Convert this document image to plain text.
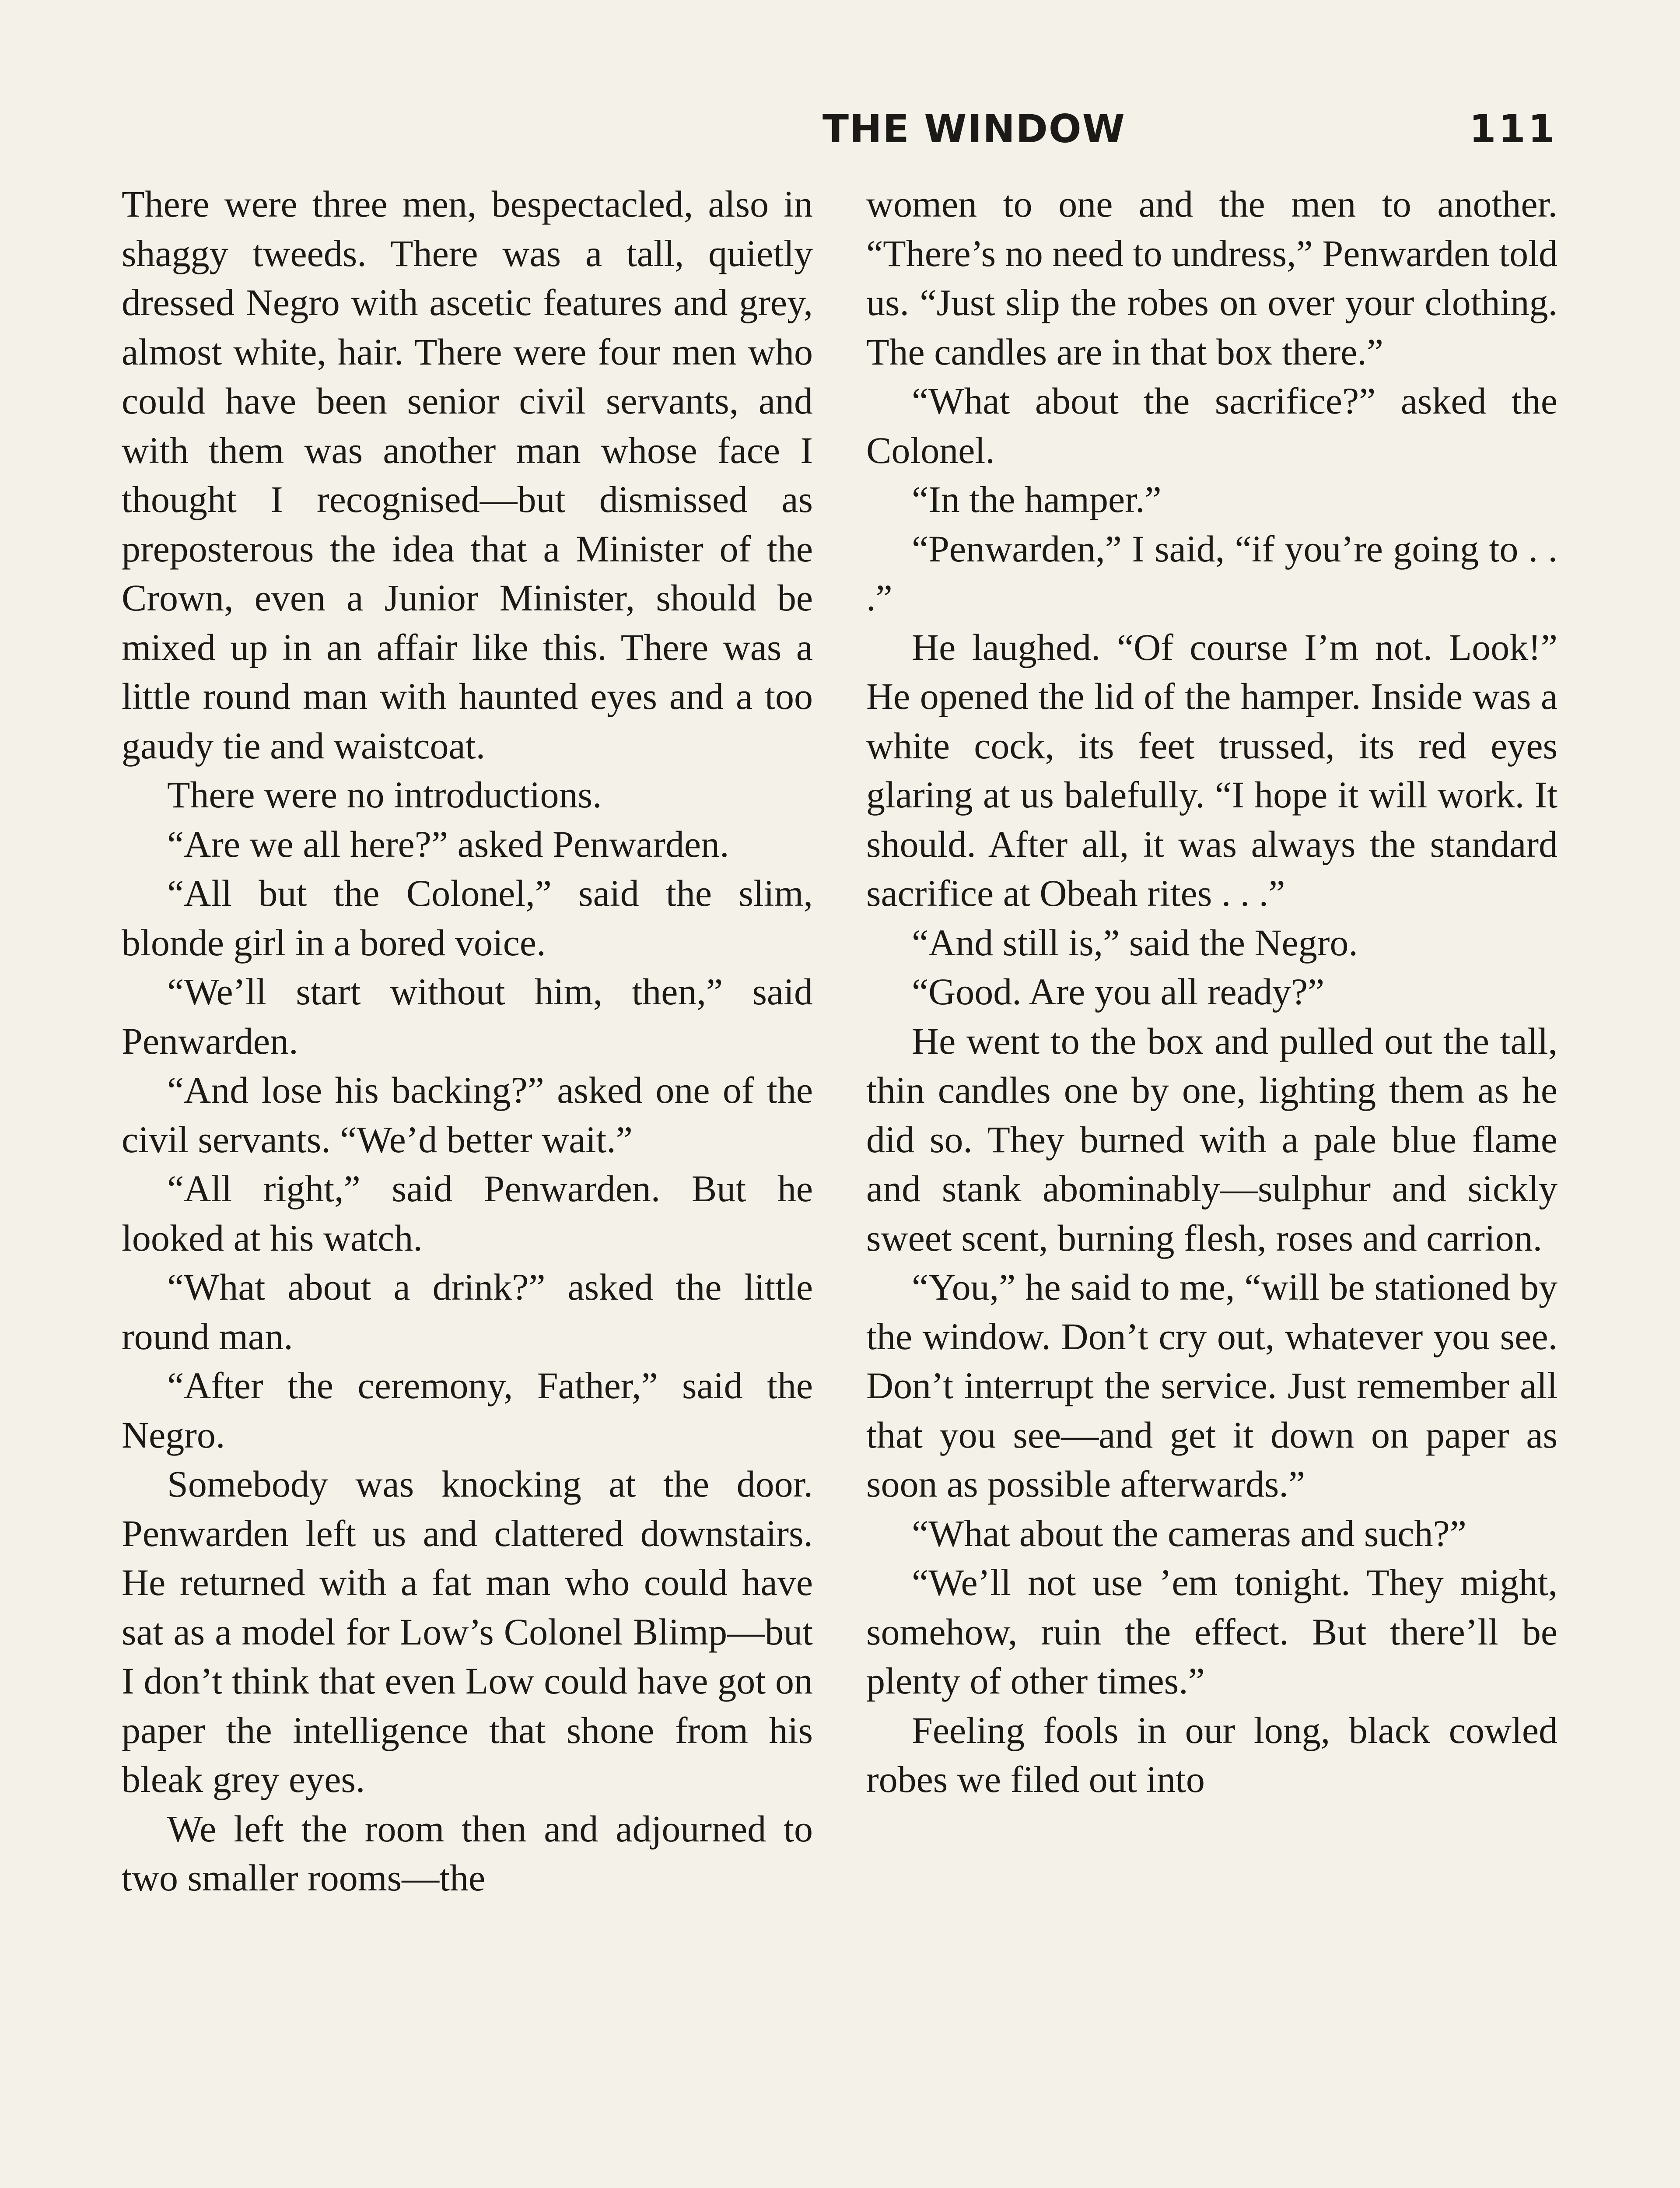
THE WINDOW	111

There were three men, bespectacled, also in shaggy tweeds. There was a tall, quietly dressed Negro with ascetic features and grey, almost white, hair. There were four men who could have been senior civil servants, and with them was another man whose face I thought I recognised—but dismissed as preposterous the idea that a Minister of the Crown, even a Junior Minister, should be mixed up in an affair like this. There was a little round man with haunted eyes and a too gaudy tie and waistcoat.

There were no introductions.

“Are we all here?” asked Penwarden.

“All but the Colonel,” said the slim, blonde girl in a bored voice.

“We’ll start without him, then,” said Penwarden.

“And lose his backing?” asked one of the civil servants. “We’d better wait.”

“All right,” said Penwarden. But he looked at his watch.

“What about a drink?” asked the little round man.

“After the ceremony, Father,” said the Negro.

Somebody was knocking at the door. Penwarden left us and clattered downstairs. He returned with a fat man who could have sat as a model for Low’s Colonel Blimp—but I don’t think that even Low could have got on paper the intelligence that shone from his bleak grey eyes.

We left the room then and adjourned to two smaller rooms—the

women to one and the men to another. “There’s no need to undress,” Penwarden told us. “Just slip the robes on over your clothing. The candles are in that box there.”

“What about the sacrifice?” asked the Colonel.

“In the hamper.”

“Penwarden,” I said, “if you’re going to . . .”

He laughed. “Of course I’m not. Look!” He opened the lid of the hamper. Inside was a white cock, its feet trussed, its red eyes glaring at us balefully. “I hope it will work. It should. After all, it was always the standard sacrifice at Obeah rites . . .”

“And still is,” said the Negro.

“Good. Are you all ready?”

He went to the box and pulled out the tall, thin candles one by one, lighting them as he did so. They burned with a pale blue flame and stank abominably—sulphur and sickly sweet scent, burning flesh, roses and carrion.

“You,” he said to me, “will be stationed by the window. Don’t cry out, whatever you see. Don’t interrupt the service. Just remember all that you see—and get it down on paper as soon as possible afterwards.”

“What about the cameras and such?”

“We’ll not use ’em tonight. They might, somehow, ruin the effect. But there’ll be plenty of other times.”

Feeling fools in our long, black cowled robes we filed out into
